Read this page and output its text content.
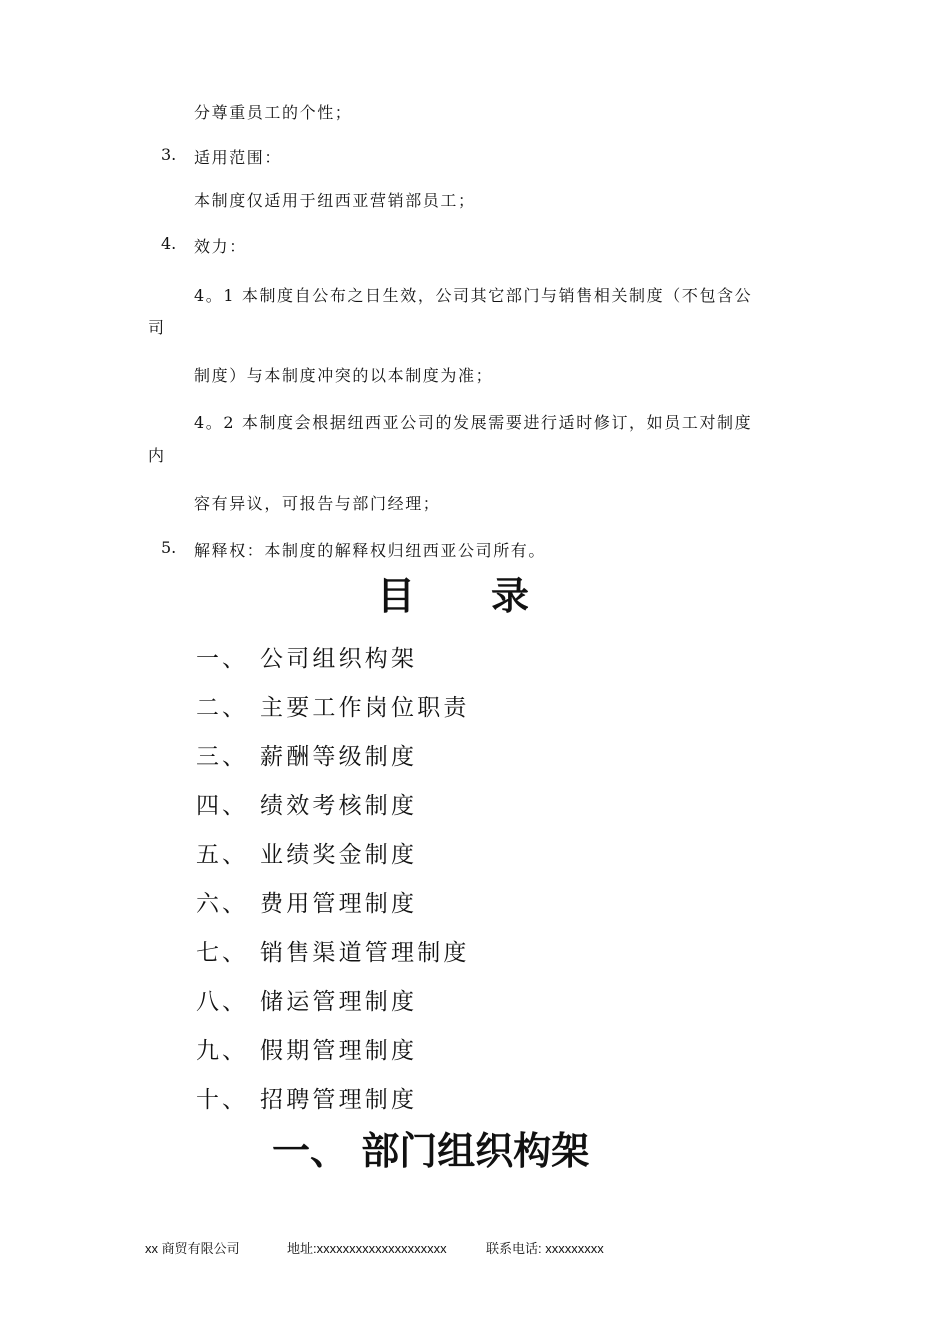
分尊重员工的个性；
3. 适用范围：
本制度仅适用于纽西亚营销部员工；
4. 效力：
4。1 本制度自公布之日生效，公司其它部门与销售相关制度（不包含公
司
制度）与本制度冲突的以本制度为准；
4。2 本制度会根据纽西亚公司的发展需要进行适时修订，如员工对制度
内
容有异议，可报告与部门经理；
5. 解释权：本制度的解释权归纽西亚公司所有。
目　　录
一、 公司组织构架
二、 主要工作岗位职责
三、 薪酬等级制度
四、 绩效考核制度
五、 业绩奖金制度
六、 费用管理制度
七、 销售渠道管理制度
八、 储运管理制度
九、 假期管理制度
十、 招聘管理制度
一、 部门组织构架
xx 商贸有限公司	地址:xxxxxxxxxxxxxxxxxxxx	联系电话: xxxxxxxxx
